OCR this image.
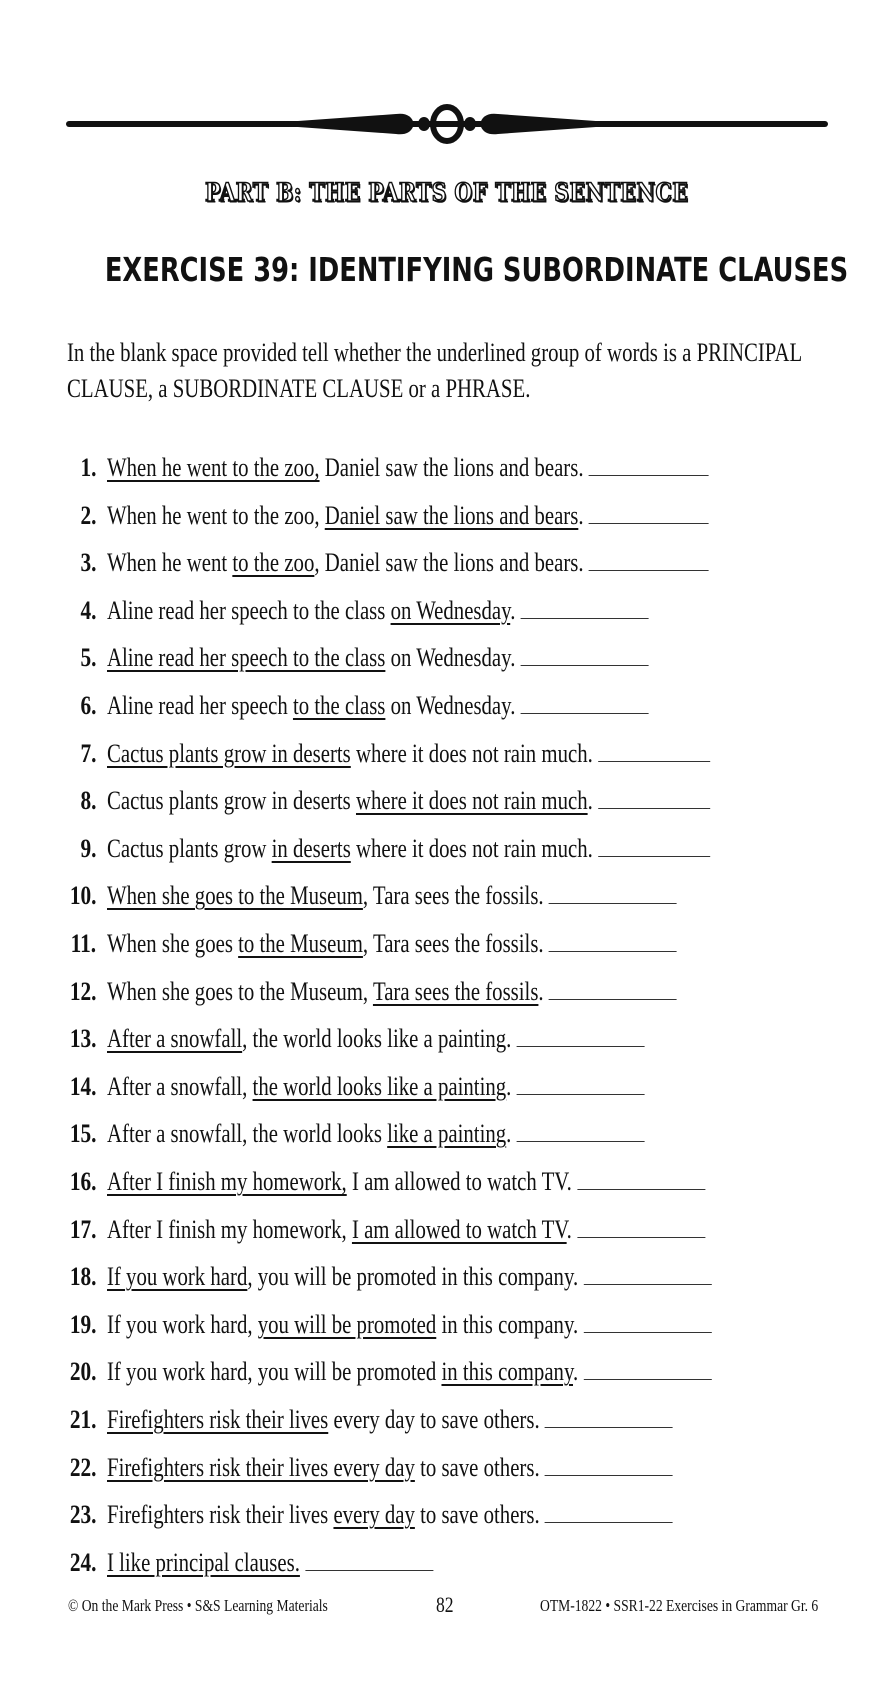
PART B: THE PARTS OF THE SENTENCE
EXERCISE 39: IDENTIFYING SUBORDINATE CLAUSES
In the blank space provided tell whether the underlined group of words is a PRINCIPAL
CLAUSE, a SUBORDINATE CLAUSE or a PHRASE.
1. When he went to the zoo, Daniel saw the lions and bears.
2. When he went to the zoo, Daniel saw the lions and bears.
3. When he went to the zoo, Daniel saw the lions and bears.
4. Aline read her speech to the class on Wednesday.
5. Aline read her speech to the class on Wednesday.
6. Aline read her speech to the class on Wednesday.
7. Cactus plants grow in deserts where it does not rain much.
8. Cactus plants grow in deserts where it does not rain much.
9. Cactus plants grow in deserts where it does not rain much.
10. When she goes to the Museum, Tara sees the fossils.
11. When she goes to the Museum, Tara sees the fossils.
12. When she goes to the Museum, Tara sees the fossils.
13. After a snowfall, the world looks like a painting.
14. After a snowfall, the world looks like a painting.
15. After a snowfall, the world looks like a painting.
16. After I finish my homework, I am allowed to watch TV.
17. After I finish my homework, I am allowed to watch TV.
18. If you work hard, you will be promoted in this company.
19. If you work hard, you will be promoted in this company.
20. If you work hard, you will be promoted in this company.
21. Firefighters risk their lives every day to save others.
22. Firefighters risk their lives every day to save others.
23. Firefighters risk their lives every day to save others.
24. I like principal clauses.
© On the Mark Press • S&S Learning Materials	82	OTM-1822 • SSR1-22 Exercises in Grammar Gr. 6
